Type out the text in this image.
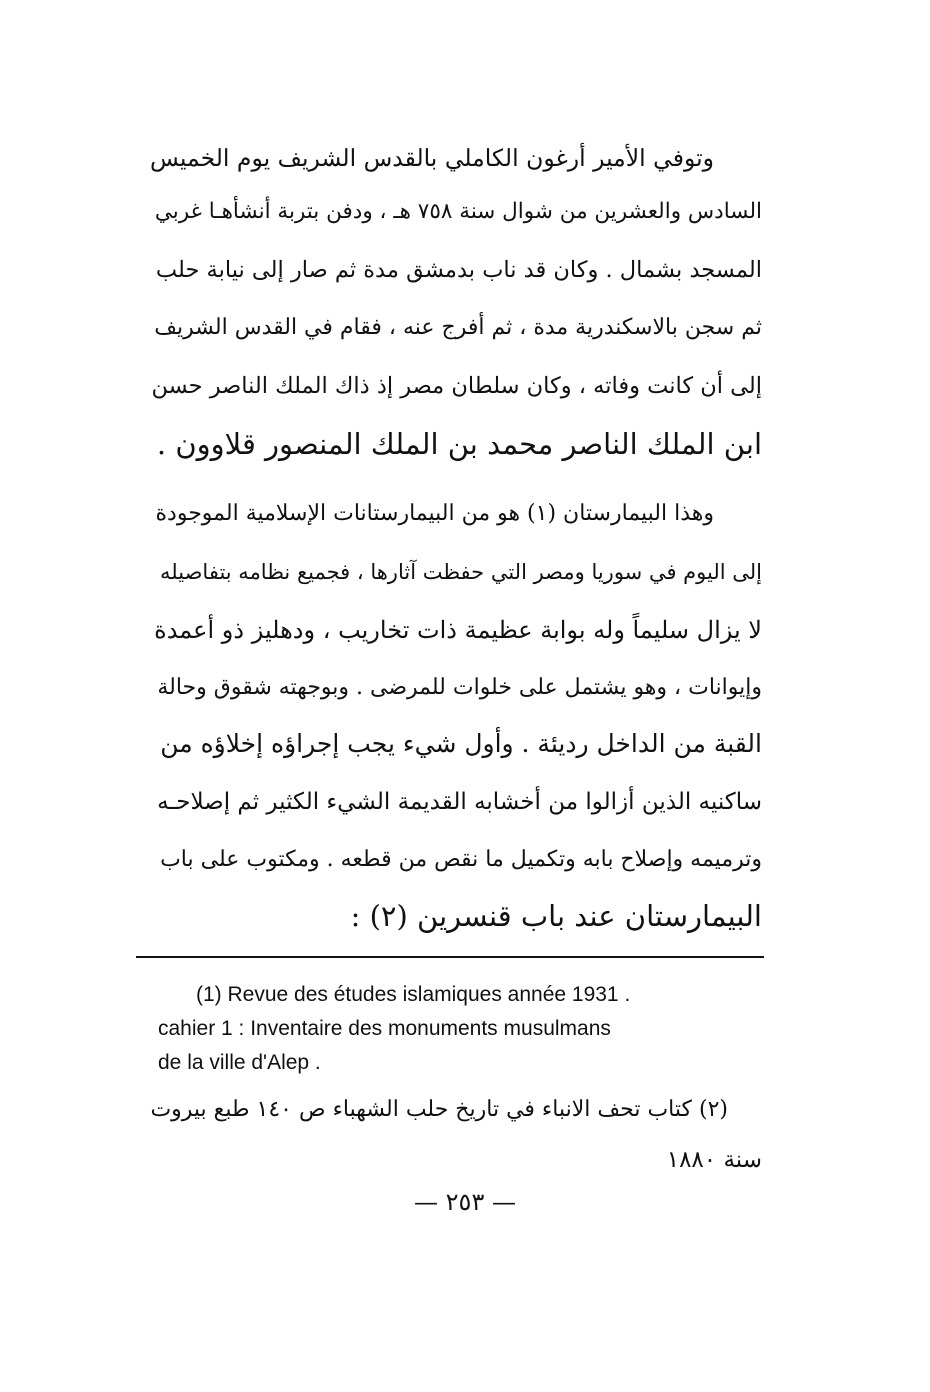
وتوفي الأمير أرغون الكاملي بالقدس الشريف يوم الخميس
السادس والعشرين من شوال سنة ٧٥٨ هـ ، ودفن بتربة أنشأهـا غربي
المسجد بشمال . وكان قد ناب بدمشق مدة ثم صار إلى نيابة حلب
ثم سجن بالاسكندرية مدة ، ثم أفرج عنه ، فقام في القدس الشريف
إلى أن كانت وفاته ، وكان سلطان مصر إذ ذاك الملك الناصر حسن
ابن الملك الناصر محمد بن الملك المنصور قلاوون .
وهذا البيمارستان (١) هو من البيمارستانات الإسلامية الموجودة
إلى اليوم في سوريا ومصر التي حفظت آثارها ، فجميع نظامه بتفاصيله
لا يزال سليماً وله بوابة عظيمة ذات تخاريب ، ودهليز ذو أعمدة
وإيوانات ، وهو يشتمل على خلوات للمرضى . وبوجهته شقوق وحالة
القبة من الداخل رديئة . وأول شيء يجب إجراؤه إخلاؤه من
ساكنيه الذين أزالوا من أخشابه القديمة الشيء الكثير ثم إصلاحـه
وترميمه وإصلاح بابه وتكميل ما نقص من قطعه . ومكتوب على باب
البيمارستان عند باب قنسرين (٢) :
(1) Revue des études islamiques année 1931 .
cahier 1 : Inventaire des monuments musulmans
de la ville d'Alep .
(٢) كتاب تحف الانباء في تاريخ حلب الشهباء ص ١٤٠ طبع بيروت
سنة ١٨٨٠
— ٢٥٣ —
